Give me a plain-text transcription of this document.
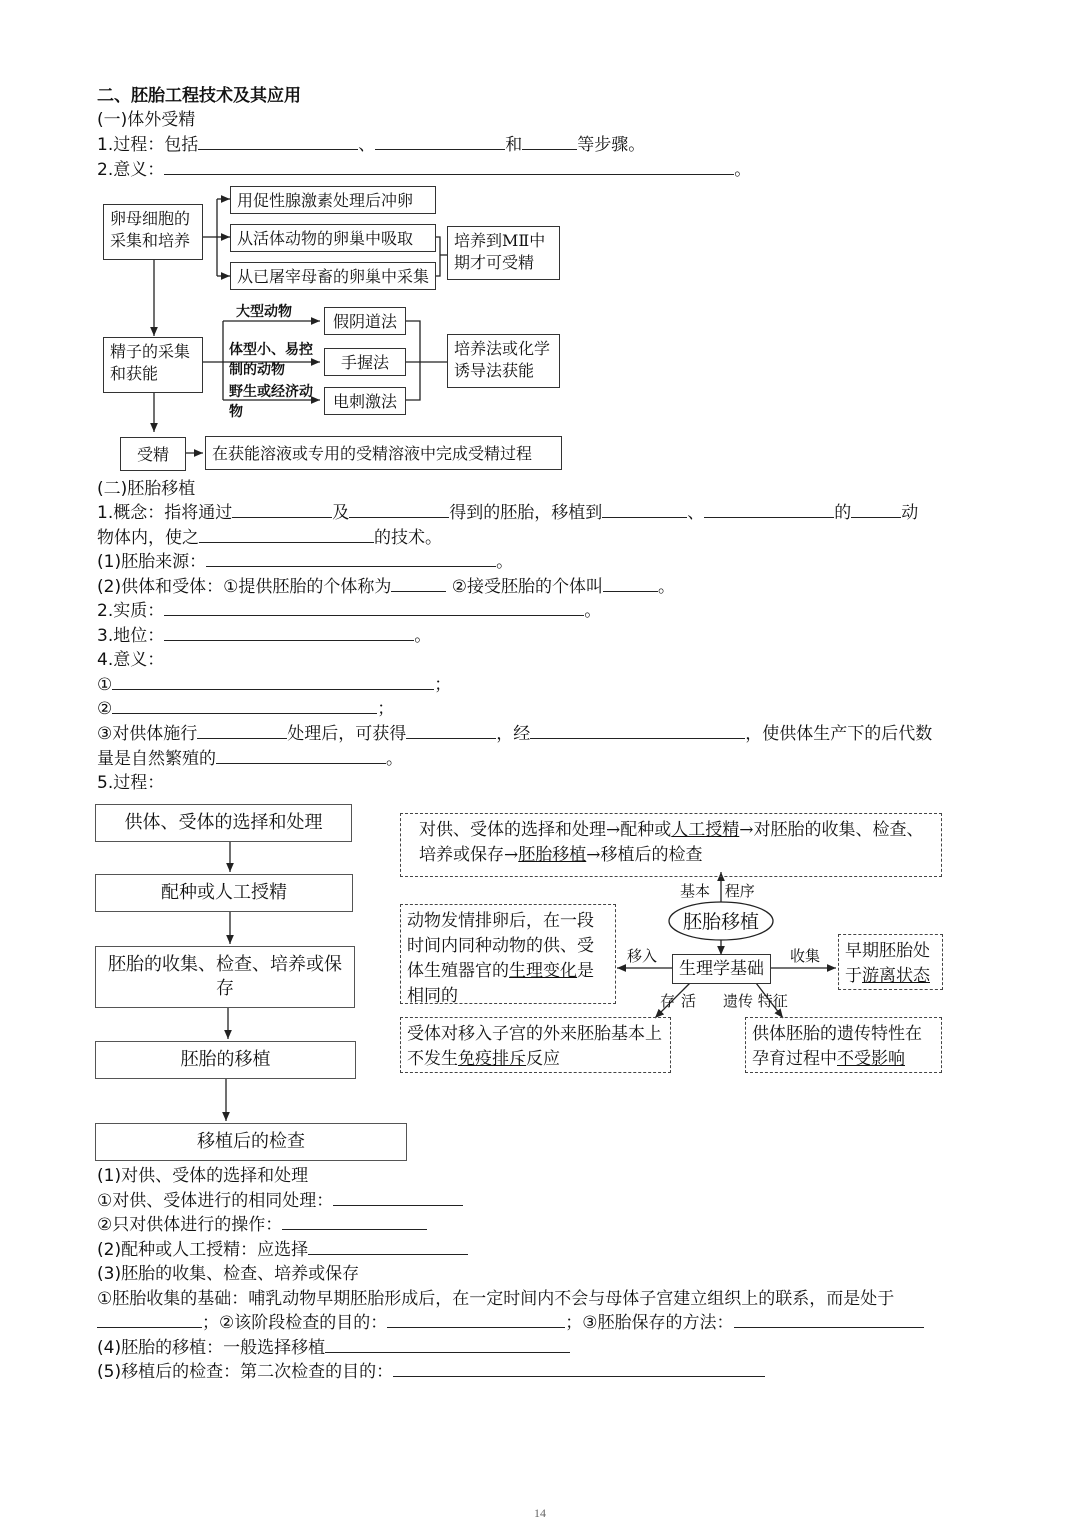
二、胚胎工程技术及其应用
(一)体外受精
1.过程：包括	、	和	等步骤。
2.意义：	。
卵母细胞的采集和培养
用促性腺激素处理后冲卵
从活体动物的卵巢中吸取
从已屠宰母畜的卵巢中采集
培养到MⅡ中期才可受精
精子的采集和获能
大型动物
体型小、易控制的动物
野生或经济动物
假阴道法
手握法
电刺激法
培养法或化学诱导法获能
受精	在获能溶液或专用的受精溶液中完成受精过程
(二)胚胎移植
1.概念：指将通过	及	得到的胚胎，移植到	、	的	动
物体内，使之	的技术。
(1)胚胎来源：	。
(2)供体和受体：①提供胚胎的个体称为	②接受胚胎的个体叫	。
2.实质：	。
3.地位：	。
4.意义：
①	；
②	；
③对供体施行	处理后，可获得	，经	，使供体生产下的后代数
量是自然繁殖的	。
5.过程：
供体、受体的选择和处理
配种或人工授精
胚胎的收集、检查、培养或保存
胚胎的移植
移植后的检查
对供、受体的选择和处理→配种或人工授精→对胚胎的收集、检查、培养或保存→胚胎移植→移植后的检查
基本 程序
胚胎移植
生理学基础
移入	收集
存活 遗传 特征
动物发情排卵后，在一段时间内同种动物的供、受体生殖器官的生理变化是相同的
早期胚胎处于游离状态
受体对移入子宫的外来胚胎基本上不发生免疫排斥反应
供体胚胎的遗传特性在孕育过程中不受影响
(1)对供、受体的选择和处理
①对供、受体进行的相同处理：
②只对供体进行的操作：
(2)配种或人工授精：应选择
(3)胚胎的收集、检查、培养或保存
①胚胎收集的基础：哺乳动物早期胚胎形成后，在一定时间内不会与母体子宫建立组织上的联系，而是处于
；②该阶段检查的目的：	；③胚胎保存的方法：
(4)胚胎的移植：一般选择移植
(5)移植后的检查：第二次检查的目的：
14
